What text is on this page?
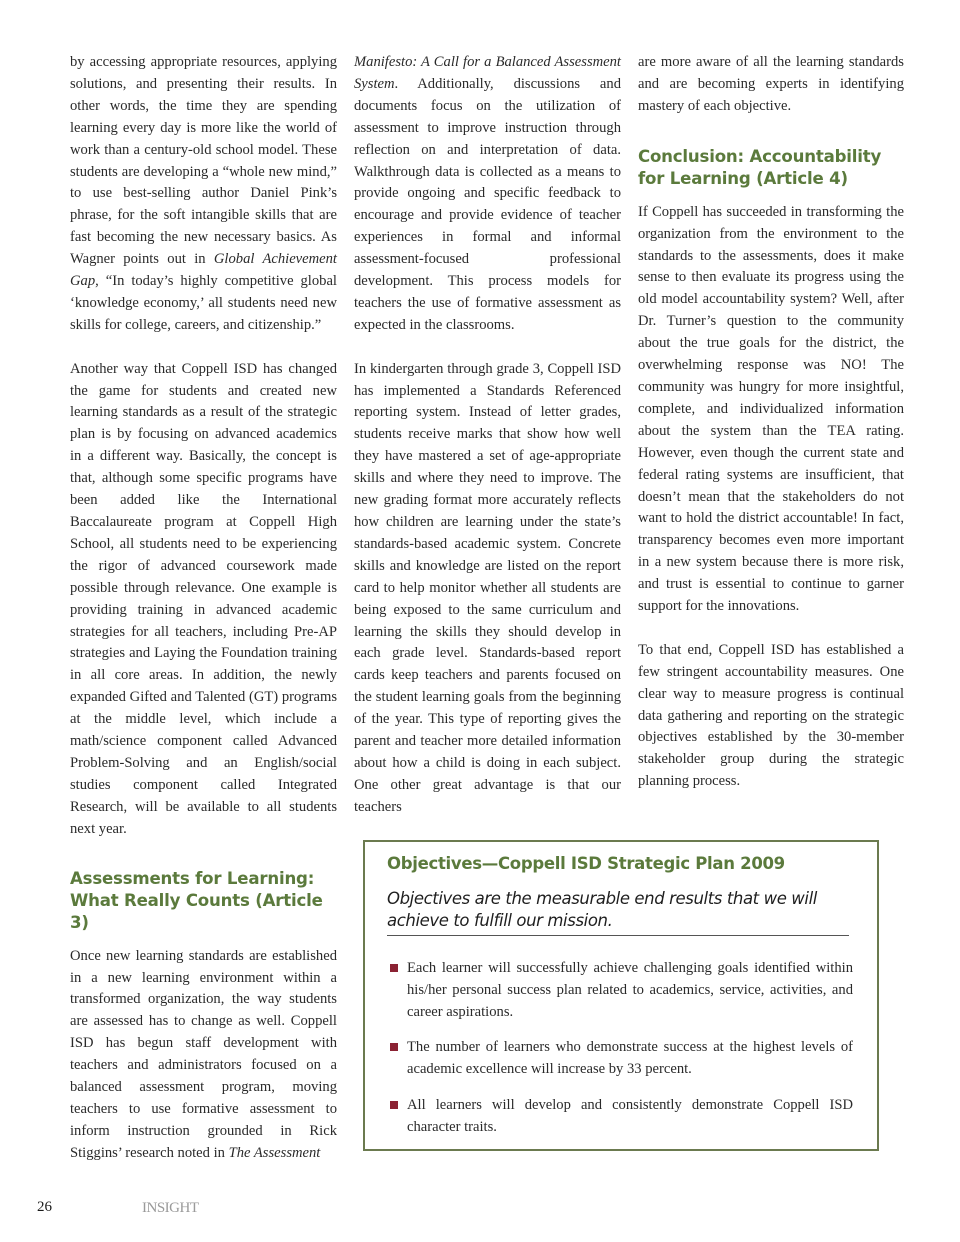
by accessing appropriate resources, applying solutions, and presenting their results. In other words, the time they are spending learning every day is more like the world of work than a century-old school model. These students are developing a “whole new mind,” to use best-selling author Daniel Pink’s phrase, for the soft intangible skills that are fast becoming the new necessary basics. As Wagner points out in Global Achievement Gap, “In today’s highly competitive global ‘knowledge economy,’ all students need new skills for college, careers, and citizenship.”

Another way that Coppell ISD has changed the game for students and created new learning standards as a result of the strategic plan is by focusing on advanced academics in a different way. Basically, the concept is that, although some specific programs have been added like the International Baccalaureate program at Coppell High School, all students need to be experiencing the rigor of advanced coursework made possible through relevance. One example is providing training in advanced academic strategies for all teachers, including Pre-AP strategies and Laying the Foundation training in all core areas. In addition, the newly expanded Gifted and Talented (GT) programs at the middle level, which include a math/science component called Advanced Problem-Solving and an English/social studies component called Integrated Research, will be available to all students next year.

Assessments for Learning: What Really Counts (Article 3)

Once new learning standards are established in a new learning environment within a transformed organization, the way students are assessed has to change as well. Coppell ISD has begun staff development with teachers and administrators focused on a balanced assessment program, moving teachers to use formative assessment to inform instruction grounded in Rick Stiggins’ research noted in The Assessment

Manifesto: A Call for a Balanced Assessment System. Additionally, discussions and documents focus on the utilization of assessment to improve instruction through reflection on and interpretation of data. Walkthrough data is collected as a means to provide ongoing and specific feedback to encourage and provide evidence of teacher experiences in formal and informal assessment-focused professional development. This process models for teachers the use of formative assessment as expected in the classrooms.

In kindergarten through grade 3, Coppell ISD has implemented a Standards Referenced reporting system. Instead of letter grades, students receive marks that show how well they have mastered a set of age-appropriate skills and where they need to improve. The new grading format more accurately reflects how children are learning under the state’s standards-based academic system. Concrete skills and knowledge are listed on the report card to help monitor whether all students are being exposed to the same curriculum and learning the skills they should develop in each grade level. Standards-based report cards keep teachers and parents focused on the student learning goals from the beginning of the year. This type of reporting gives the parent and teacher more detailed information about how a child is doing in each subject. One other great advantage is that our teachers

are more aware of all the learning standards and are becoming experts in identifying mastery of each objective.

Conclusion: Accountability for Learning (Article 4)

If Coppell has succeeded in transforming the organization from the environment to the standards to the assessments, does it make sense to then evaluate its progress using the old model accountability system? Well, after Dr. Turner’s question to the community about the true goals for the district, the overwhelming response was NO! The community was hungry for more insightful, complete, and individualized information about the system than the TEA rating. However, even though the current state and federal rating systems are insufficient, that doesn’t mean that the stakeholders do not want to hold the district accountable! In fact, transparency becomes even more important in a new system because there is more risk, and trust is essential to continue to garner support for the innovations.

To that end, Coppell ISD has established a few stringent accountability measures. One clear way to measure progress is continual data gathering and reporting on the strategic objectives established by the 30-member stakeholder group during the strategic planning process.

Objectives—Coppell ISD Strategic Plan 2009
Objectives are the measurable end results that we will achieve to fulfill our mission.
Each learner will successfully achieve challenging goals identified within his/her personal success plan related to academics, service, activities, and career aspirations.
The number of learners who demonstrate success at the highest levels of academic excellence will increase by 33 percent.
All learners will develop and consistently demonstrate Coppell ISD character traits.
26	INSIGHT
